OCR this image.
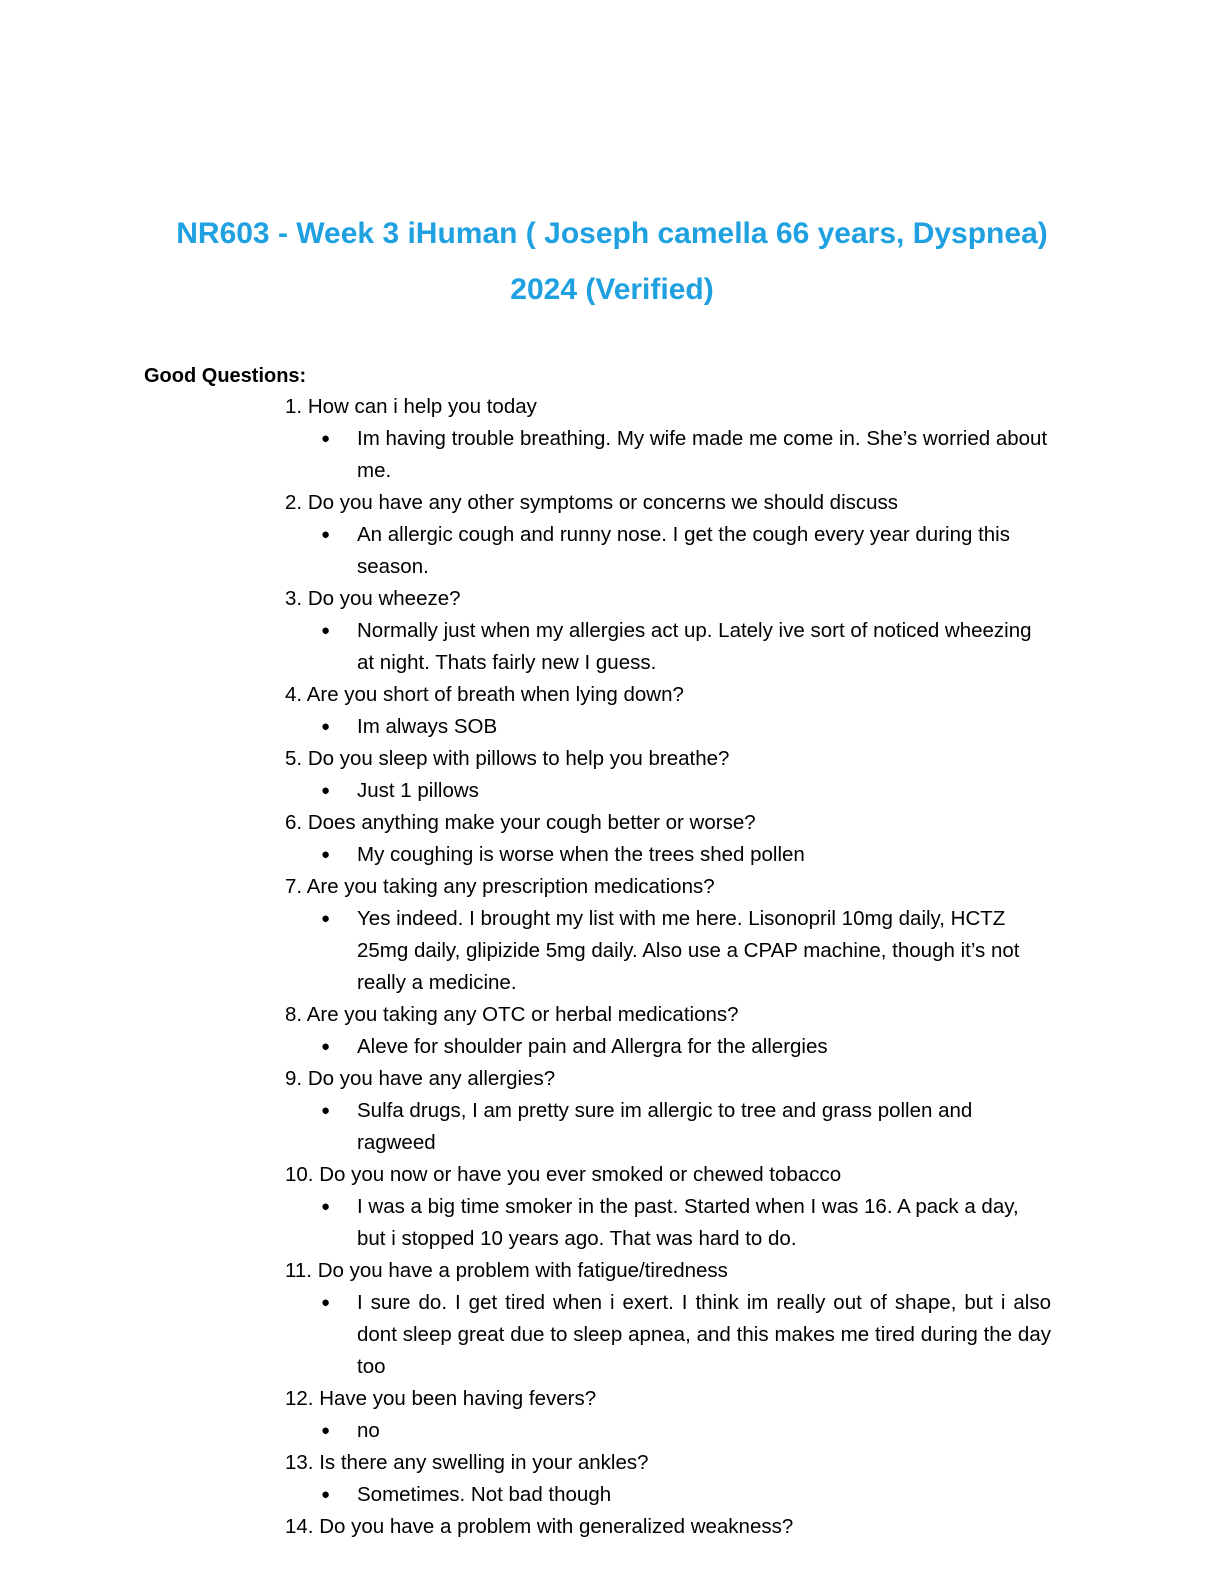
NR603 - Week 3 iHuman ( Joseph camella 66 years, Dyspnea)
2024 (Verified)
Good Questions:
1. How can i help you today
● Im having trouble breathing. My wife made me come in. She’s worried about me.
2. Do you have any other symptoms or concerns we should discuss
● An allergic cough and runny nose. I get the cough every year during this season.
3. Do you wheeze?
● Normally just when my allergies act up. Lately ive sort of noticed wheezing at night. Thats fairly new I guess.
4. Are you short of breath when lying down?
● Im always SOB
5. Do you sleep with pillows to help you breathe?
● Just 1 pillows
6. Does anything make your cough better or worse?
● My coughing is worse when the trees shed pollen
7. Are you taking any prescription medications?
● Yes indeed. I brought my list with me here. Lisonopril 10mg daily, HCTZ 25mg daily, glipizide 5mg daily. Also use a CPAP machine, though it’s not really a medicine.
8. Are you taking any OTC or herbal medications?
● Aleve for shoulder pain and Allergra for the allergies
9. Do you have any allergies?
● Sulfa drugs, I am pretty sure im allergic to tree and grass pollen and ragweed
10. Do you now or have you ever smoked or chewed tobacco
● I was a big time smoker in the past. Started when I was 16. A pack a day, but i stopped 10 years ago. That was hard to do.
11. Do you have a problem with fatigue/tiredness
● I sure do. I get tired when i exert. I think im really out of shape, but i also dont sleep great due to sleep apnea, and this makes me tired during the day too
12. Have you been having fevers?
● no
13. Is there any swelling in your ankles?
● Sometimes. Not bad though
14. Do you have a problem with generalized weakness?
